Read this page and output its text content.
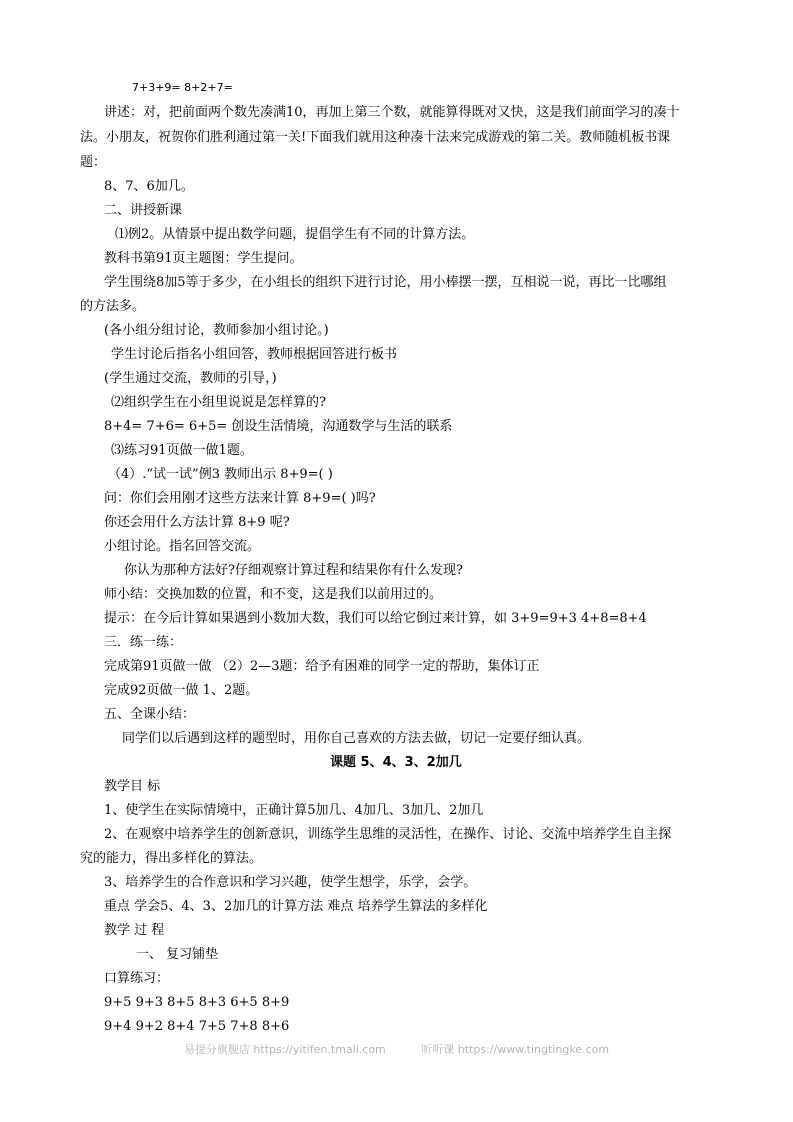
7+3+9= 8+2+7=
讲述：对，把前面两个数先凑满10，再加上第三个数，就能算得既对又快，这是我们前面学习的凑十
法。小朋友，祝贺你们胜利通过第一关!下面我们就用这种凑十法来完成游戏的第二关。教师随机板书课
题：
8、7、6加几。
二、讲授新课
⑴例2。从情景中提出数学问题，提倡学生有不同的计算方法。
教科书第91页主题图：学生提问。
学生围绕8加5等于多少，在小组长的组织下进行讨论，用小棒摆一摆，互相说一说，再比一比哪组
的方法多。
(各小组分组讨论，教师参加小组讨论。)
学生讨论后指名小组回答，教师根据回答进行板书
(学生通过交流，教师的引导，)
⑵组织学生在小组里说说是怎样算的?
8+4= 7+6= 6+5= 创设生活情境，沟通数学与生活的联系
⑶练习91页做一做1题。
（4）.“试一试”例3 教师出示 8+9=( )
问：你们会用刚才这些方法来计算 8+9=( )吗?
你还会用什么方法计算 8+9 呢?
小组讨论。指名回答交流。
你认为那种方法好?仔细观察计算过程和结果你有什么发现?
师小结：交换加数的位置，和不变，这是我们以前用过的。
提示：在今后计算如果遇到小数加大数，我们可以给它倒过来计算，如 3+9=9+3 4+8=8+4
三．练一练：
完成第91页做一做 （2）2—3题：给予有困难的同学一定的帮助，集体订正
完成92页做一做 1、2题。
五、全课小结：
同学们以后遇到这样的题型时，用你自己喜欢的方法去做，切记一定要仔细认真。
课题 5、4、3、2加几
教学目 标
1、使学生在实际情境中，正确计算5加几、4加几、3加几、2加几
2、在观察中培养学生的创新意识，训练学生思维的灵活性，在操作、讨论、交流中培养学生自主探
究的能力，得出多样化的算法。
3、培养学生的合作意识和学习兴趣，使学生想学，乐学，会学。
重点 学会5、4、3、2加几的计算方法 难点 培养学生算法的多样化
教学 过 程
一、 复习铺垫
口算练习：
9+5 9+3 8+5 8+3 6+5 8+9
9+4 9+2 8+4 7+5 7+8 8+6
易提分旗舰店 https://yitifen.tmall.com	听听课 https://www.tingtingke.com
